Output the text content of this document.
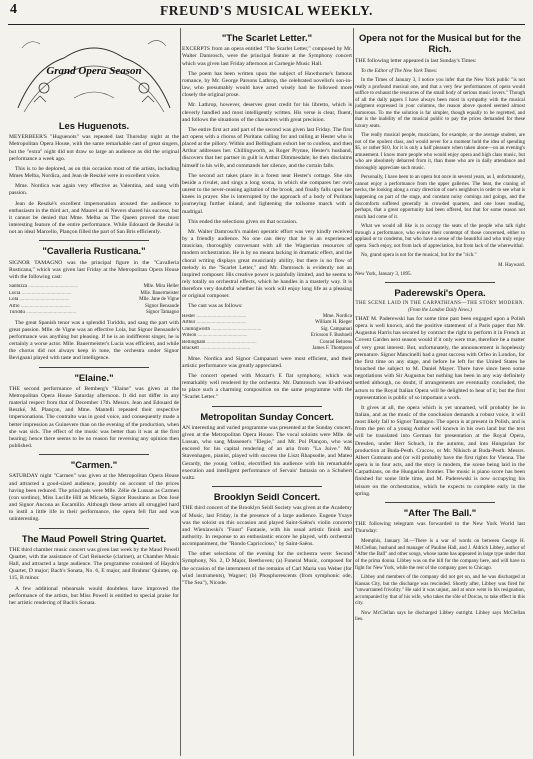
4	FREUND'S MUSICAL WEEKLY.
Grand Opera Season
Les Huguenots.

MEYERBEER'S "Huguenots" was repeated last Thursday night at the Metropolitan Opera House, with the same remarkable cast of great singers, but the "extra" night did not draw so large an audience as did the original performance a week ago.

This is to be deplored, as on this occasion most of the artists, including Mmes Melba, Nordica, and Jean de Reszké were in excellent voice.

Mme. Nordica was again very effective as Valentina, and sang with passion.

Jean de Reszké's excellent impersonation aroused the audience to enthusiasm in the third act, and Maurel as di Nevers shared his success, but it cannot be denied that Mme. Melba as The Queen proved the most interesting feature of the entire performance. While Edouard de Reszké is not an ideal Marcello, Plançon filled the part of San Bris efficiently.

"Cavalleria Rusticana."

SIGNOR TAMAGNO was the principal figure in the "Cavalleria Rusticana," which was given last Friday at the Metropolitan Opera House with the following cast:

Santuzza .....	Mlle. Mira Heller
Lucia .....	Mlle. Bauermeister
Lola .....	Mlle. Jane de Vigne
Alfio .....	Signor Bensaude
Turiddu .....	Signor Tamagno

The great Spanish tenor was a splendid Turiddu, and sang the part with great passion. Mlle. de Vigne was an effective Lola, but Signor Bensaude's performance was anything but pleasing. If he is an indifferent singer, he is certainly a worse actor. Mlle. Bauermeister's Lucia was efficient, and while the chorus did not always keep in tune, the orchestra under Signor Bevignani played with taste and intelligence.

"Elaine."

THE second performance of Bemberg's "Elaine" was given at the Metropolitan Opera House Saturday afternoon. It did not differ in any material respect from that of December 17th. Messrs. Jean and Edouard de Reszké, M. Plançon, and Mme. Mantelli repeated their respective impersonations. The contralto was in good voice, and consequently made a better impression as Guinevere than on the evening of the production, when she was sick. The effect of the music was better than it was at the first hearing; hence there seems to be no reason for reversing any opinion then published.

"Carmen."

SATURDAY night "Carmen" was given at the Metropolitan Opera House and attracted a good-sized audience, possibly on account of the prices having been reduced. The principals were Mlle. Zélie de Lussan as Carmen (con sordino), Miss Lucille Hill as Micaela, Signor Russitano as Don José and Signor Ancona as Escamillo. Although these artists all struggled hard to instil a little life in their performance, the opera fell flat and was uninteresting.

The Maud Powell String Quartet.

THE third chamber music concert was given last week by the Maud Powell Quartet, with the assistance of Carl Reinecke (clarinet), at Chamber Music Hall, and attracted a large audience. The programme consisted of Haydn's Quartet, D major; Bach's Sonata, No. 6, E major, and Brahms' Quintet, op. 115, B minor.

A few additional rehearsals would doubtless have improved the performance of the artists, but Miss Powell is entitled to special praise for her artistic rendering of Bach's Sonata.

"The Scarlet Letter."

EXCERPTS from an opera entitled "The Scarlet Letter," composed by Mr. Walter Damrosch, were the principal feature at the Symphony concert which was given last Friday afternoon at Carnegie Music Hall.

The poem has been written upon the subject of Hawthorne's famous romance, by Mr. George Parsons Lathrop, the celebrated novelist's son-in-law, who presumably would have acted wisely had he followed more closely the original prose.

Mr. Lathrop, however, deserves great credit for his libretto, which is cleverly handled and most intelligently written. His verse is clear, fluent, and follows the situations of the characters with great precision.

The entire first act and part of the second was given last Friday. The first act opens with a chorus of Puritans calling for and railing at Hester who is placed at the pillory. Within and Bellingham exhort her to confess, and then Arthur addresses her. Chillingworth, as Roger Prynne, Hester's husband, discovers that her partner in guilt is Arthur Dimmesdale; he then disclaims himself to his wife, and commands her silence, and the curtain falls.

The second act takes place in a forest near Hester's cottage. She sits beside a rivulet, and sings a long scena, in which she compares her own unrest to the never-ceasing agitation of the brook, and finally falls upon her knees in prayer. She is interrupted by the approach of a body of Puritans journeying further inland, and lightening the toilsome march with a madrigal.

This ended the selections given on that occasion.

Mr. Walter Damrosch's maiden operatic effort was very kindly received by a friendly audience. No one can deny that he is an experienced musician, thoroughly conversant with all the Wagnerian resources of modern orchestration. He is by no means lacking in dramatic effect, and the choral writing displays great musicianly ability, but there is no flow of melody in the "Scarlet Letter," and Mr. Damrosch is evidently not an inspired composer. His creative power is painfully limited, and he seems to rely totally on orchestral effects, which he handles in a masterly way. It is therefore very doubtful whether his work will enjoy long life as a pleasing or original composer.

The cast was as follows:

Hester .....	Mme. Nordica
Arthur .....	William H. Rieger
Chillingworth .....	Sig. Campanari
Wilson .....	Ericsson F. Bushnell
Bellingham .....	Conrad Behrens
Brackett .....	James F. Thompson

Mme. Nordica and Signor Campanari were most efficient, and their artistic performance was greatly appreciated.

The concert opened with Mozart's E flat symphony, which was remarkably well rendered by the orchestra. Mr. Damrosch was ill-advised to place such a charming composition on the same programme with the "Scarlet Letter."

Metropolitan Sunday Concert.

AN interesting and varied programme was presented at the Sunday concert, given at the Metropolitan Opera House. The vocal soloists were Mlle. de Lussan, who sang Massenet's "Elegie," and Mr. Pol Plançon, who was encored for his capital rendering of an aria from "La Juive." Mr. Stavenhagen, pianist, played with success the Liszt Rhapsodie, and Mateo Gerardy, the young 'cellist, electrified his audience with his remarkable execution and intelligent performance of Servais' fantasia on a Schubert waltz.

Brooklyn Seidl Concert.

THE third concert of the Brooklyn Seidl Society was given at the Academy of Music, last Friday, in the presence of a large audience. Eugene Ysaye was the soloist on this occasion and played Saint-Saëns's violin concerto and Wieniawski's "Faust" Fantasie, with his usual artistic finish and authority. In response to an enthusiastic encore he played, with orchestral accompaniment, the "Rondo Capriccioso," by Saint-Saëns.

The other selections of the evening for the orchestra were: Second Symphony, No. 2, D Major, Beethoven; (a) Funeral Music, composed for the occasion of the internment of the remains of Carl Maria von Weber (for wind instruments), Wagner; (b) Phosphorescents (from symphonic ode, "The Sea"), Nicode.

Opera not for the Musical but for the Rich.

THE following letter appeared in last Sunday's Times:

To the Editor of The New York Times:

In the Times of January 3, I notice you infer that the New York public "is not really a profound musical one, and that a very few performances of opera would suffice to exhaust the resources of the small body of serious music lovers." Though of all the daily papers I have always been most in sympathy with the musical judgment expressed in your columns, the reason above quoted seemed almost humorous. To me the solution is far simpler, though equally to be regretted, and that is the inability of the musical public to pay the prices demanded for these luxury seats.

The really musical people, musicians, for example, or the average student, are not of the opulent class, and would never for a moment hold the idea of spending $5, or rather $10, for it is only a half pleasure when taken alone—on an evening's amusement. I know more people who would enjoy opera and high class music, but who are absolutely debarred from it, than those who are in daily attendance and thoroughly appreciate such music.

Personally, I have been to an opera but once in several years, as I, unfortunately, cannot enjoy a performance from the upper galleries. The heat, the craning of necks, the looking along a crazy direction of one's neighbors in order to see what is happening on part of the stage, and constant noisy comings and goings, and the discomforts suffered generally in crowded quarters, and one loses reading, perhaps, that a great opportunity had been offered, but that for some reason not much had come of it.

What we would all like is to occupy the seats of the people who talk right through a performance, who evince their contempt of those concerned, either to applaud or to condemn, but who have a sense of the beautiful and who truly enjoy opera. Such enjoy, not from lack of appreciation, but from lack of the wherewithal.

No, grand opera is not for the musical, but for the "rich."

M. Hayward.

New York, January 3, 1895.

Paderewski's Opera.
THE SCENE LAID IN THE CARPATHIANS—THE STORY MODERN.
(From the London Daily News.)

THAT M. Paderewski has for some time past been engaged upon a Polish opera is well known, and the positive statement of a Paris paper that Mr. Augustus Harris has secured by contract the right to perform it in French at Covent Garden next season would if it only were true, therefore be a matter of very great interest. But, unfortunately, the announcement is hopelessly premature. Signor Mancinelli had a great success with Orfeo in London, for the first time on any stage, and before he left for the United States he broached the subject to M. Daniel Mayer. There have since been some negotiations with Sir Augustus but nothing has been in any way definitely settled although, no doubt, if arrangements are eventually concluded, the actors to the Royal Italian Opera will be delighted to hear of it; but the first representation is public of so important a work.

It gives at all, the opera which is yet unnamed, will probably be in Italian, and as the music of the conclusion demands a robust voice, it will most likely fall to Signor Tamagno. The opera is at present in Polish, and is from the pen of a young Author well known in his own land but the text will be translated into German for presentation at the Royal Opera, Dresden, under Herr Schuch, in the autumn, and into Hungarian for production at Buda-Pesth. Cracow, or Mr. Nikisch at Buda-Pesth. Messrs. Albert Gutmann and (or will probably have the first rights for Vienna. The opera is in four acts, and the story is modern, the scene being laid in the Carpathians, on the Hungarian frontier. The music is piano score has been finished for some little time, and M. Paderewski is now occupying his leisure on the orchestration, which he expects to complete early in the spring.

"After The Ball."

THE following telegram was forwarded to the New York World last Thursday:

Memphis, January 3d.—There is a war of words on between George H. McClellan, husband and manager of Pauline Hall, and J. Aldrich Libbey, author of "After the Ball" and other songs, whose name has appeared in large type under that of the prima donna. Libbey was on the bill for the company here, and will have to fight for New York, while the rest of the company goes to Chicago.

Libbey and members of the company did not get on, and he was discharged at Kansas City, but the discharge was rescinded. Shortly after, Libbey was fired for "unwarranted frivolity." He said it was unjust, and at once went in his resignation, accompanied by that of his wife, who takes the rôle of Dorcas, to take effect in this city.

Now McClellan says he discharged Libbey outright. Libbey says McClellan lies.
